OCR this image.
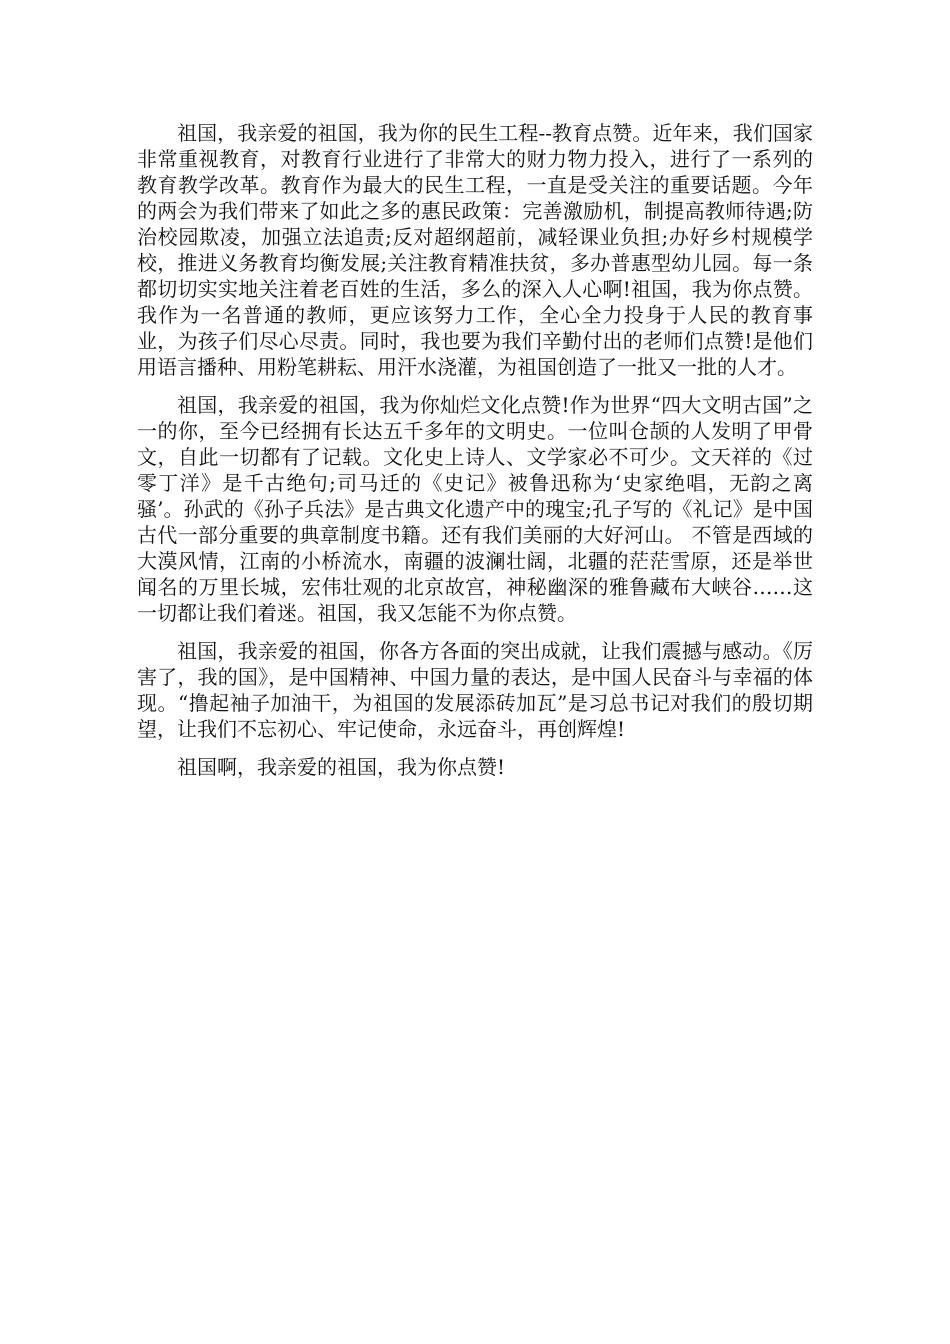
祖国，我亲爱的祖国，我为你的民生工程--教育点赞。近年来，我们国家非常重视教育，对教育行业进行了非常大的财力物力投入，进行了一系列的教育教学改革。教育作为最大的民生工程，一直是受关注的重要话题。今年的两会为我们带来了如此之多的惠民政策：完善激励机，制提高教师待遇;防治校园欺凌，加强立法追责;反对超纲超前，减轻课业负担;办好乡村规模学校，推进义务教育均衡发展;关注教育精准扶贫，多办普惠型幼儿园。每一条都切切实实地关注着老百姓的生活，多么的深入人心啊!祖国，我为你点赞。我作为一名普通的教师，更应该努力工作，全心全力投身于人民的教育事业，为孩子们尽心尽责。同时，我也要为我们辛勤付出的老师们点赞!是他们用语言播种、用粉笔耕耘、用汗水浇灌，为祖国创造了一批又一批的人才。

祖国，我亲爱的祖国，我为你灿烂文化点赞!作为世界“四大文明古国”之一的你，至今已经拥有长达五千多年的文明史。一位叫仓颉的人发明了甲骨文，自此一切都有了记载。文化史上诗人、文学家必不可少。文天祥的《过零丁洋》是千古绝句;司马迁的《史记》被鲁迅称为‘史家绝唱，无韵之离骚’。孙武的《孙子兵法》是古典文化遗产中的瑰宝;孔子写的《礼记》是中国古代一部分重要的典章制度书籍。还有我们美丽的大好河山。 不管是西域的大漠风情，江南的小桥流水，南疆的波澜壮阔，北疆的茫茫雪原，还是举世闻名的万里长城，宏伟壮观的北京故宫，神秘幽深的雅鲁藏布大峡谷……这一切都让我们着迷。祖国，我又怎能不为你点赞。

祖国，我亲爱的祖国，你各方各面的突出成就，让我们震撼与感动。《厉害了，我的国》，是中国精神、中国力量的表达，是中国人民奋斗与幸福的体现。“撸起袖子加油干，为祖国的发展添砖加瓦”是习总书记对我们的殷切期望，让我们不忘初心、牢记使命，永远奋斗，再创辉煌!

祖国啊，我亲爱的祖国，我为你点赞!
